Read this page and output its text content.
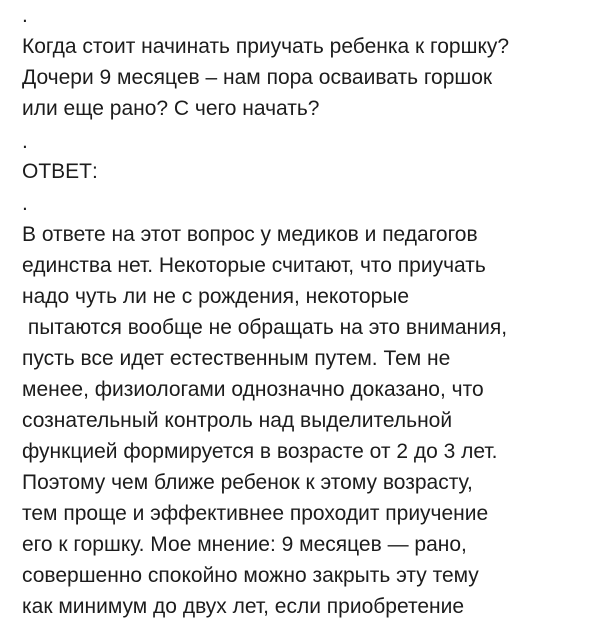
.
Когда стоит начинать приучать ребенка к горшку?
Дочери 9 месяцев – нам пора осваивать горшок
или еще рано? С чего начать?
.
ОТВЕТ:
.
В ответе на этот вопрос у медиков и педагогов
единства нет. Некоторые считают, что приучать
надо чуть ли не с рождения, некоторые
пытаются вообще не обращать на это внимания,
пусть все идет естественным путем. Тем не
менее, физиологами однозначно доказано, что
сознательный контроль над выделительной
функцией формируется в возрасте от 2 до 3 лет.
Поэтому чем ближе ребенок к этому возрасту,
тем проще и эффективнее проходит приучение
его к горшку. Мое мнение: 9 месяцев — рано,
совершенно спокойно можно закрыть эту тему
как минимум до двух лет, если приобретение
